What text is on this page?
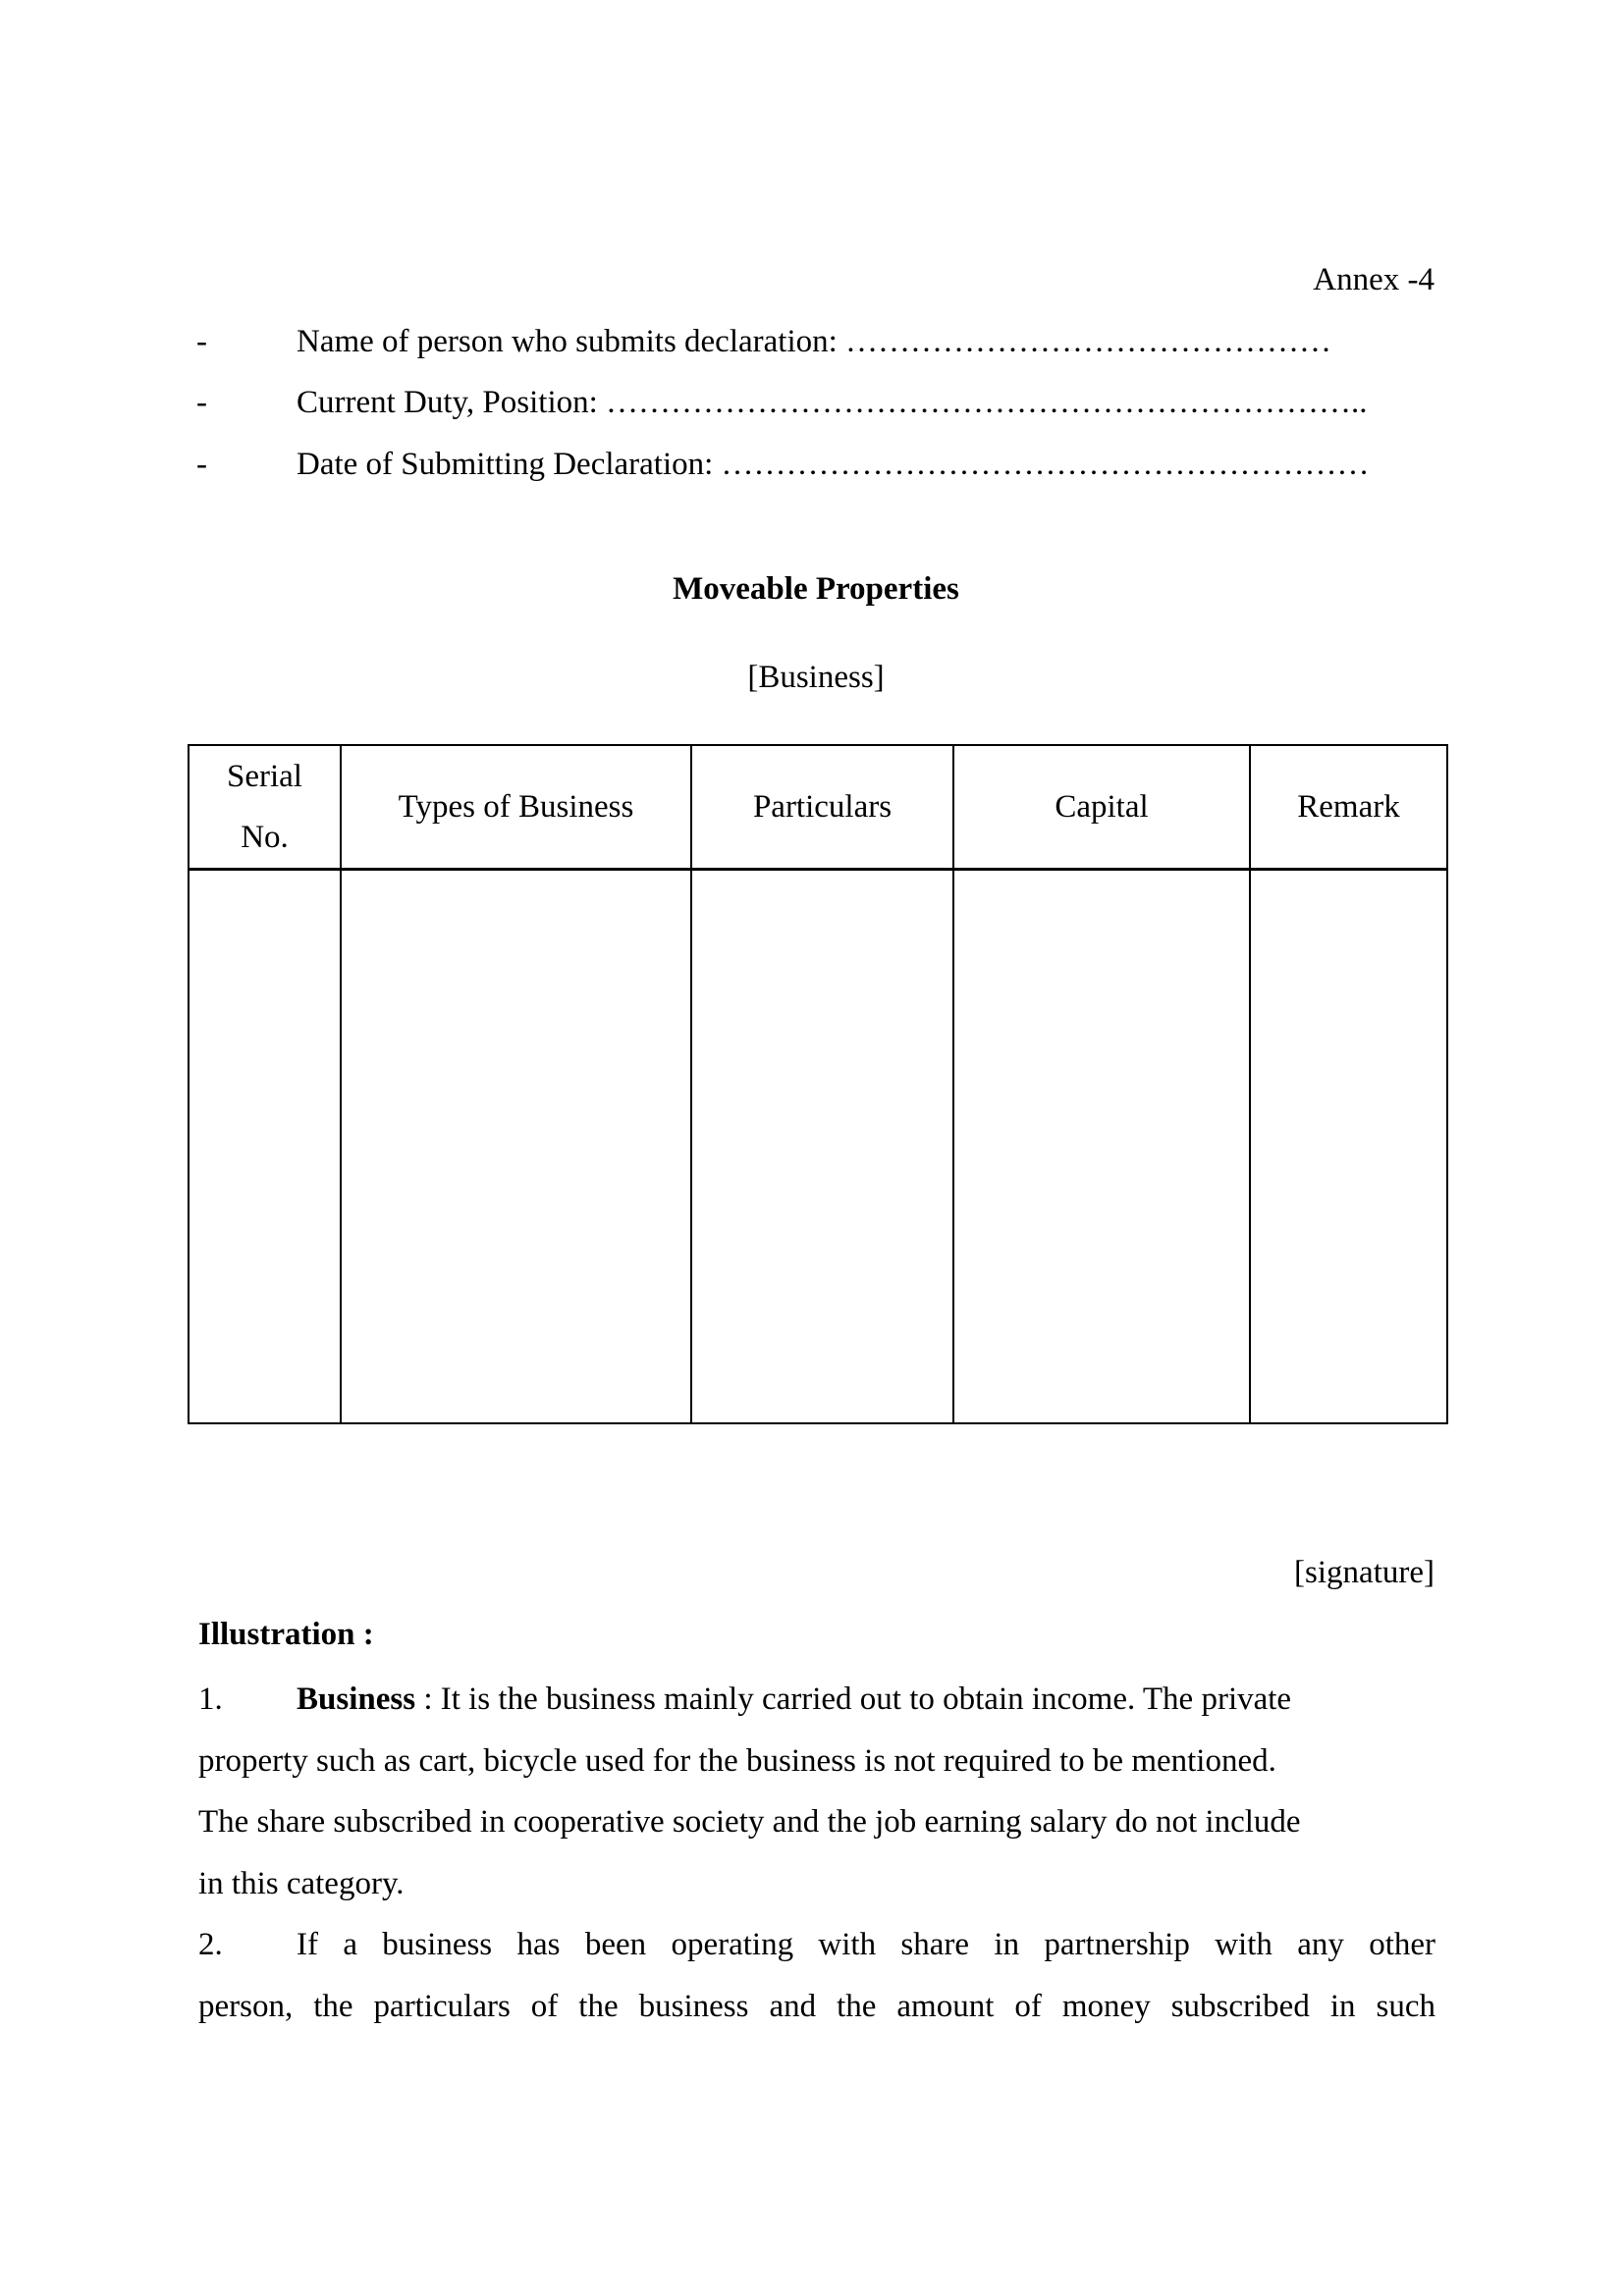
Annex -4
-	Name of person who submits declaration: ………………………………………
-	Current Duty, Position: ……………………………………………………………..
-	Date of Submitting Declaration: ……………………………………………………
Moveable Properties
[Business]
Serial
No.	Types of Business	Particulars	Capital	Remark

[signature]
Illustration :
1. Business : It is the business mainly carried out to obtain income. The private
property such as cart, bicycle used for the business is not required to be mentioned.
The share subscribed in cooperative society and the job earning salary do not include
in this category.
2. If a business has been operating with share in partnership with any other
person, the particulars of the business and the amount of money subscribed in such
